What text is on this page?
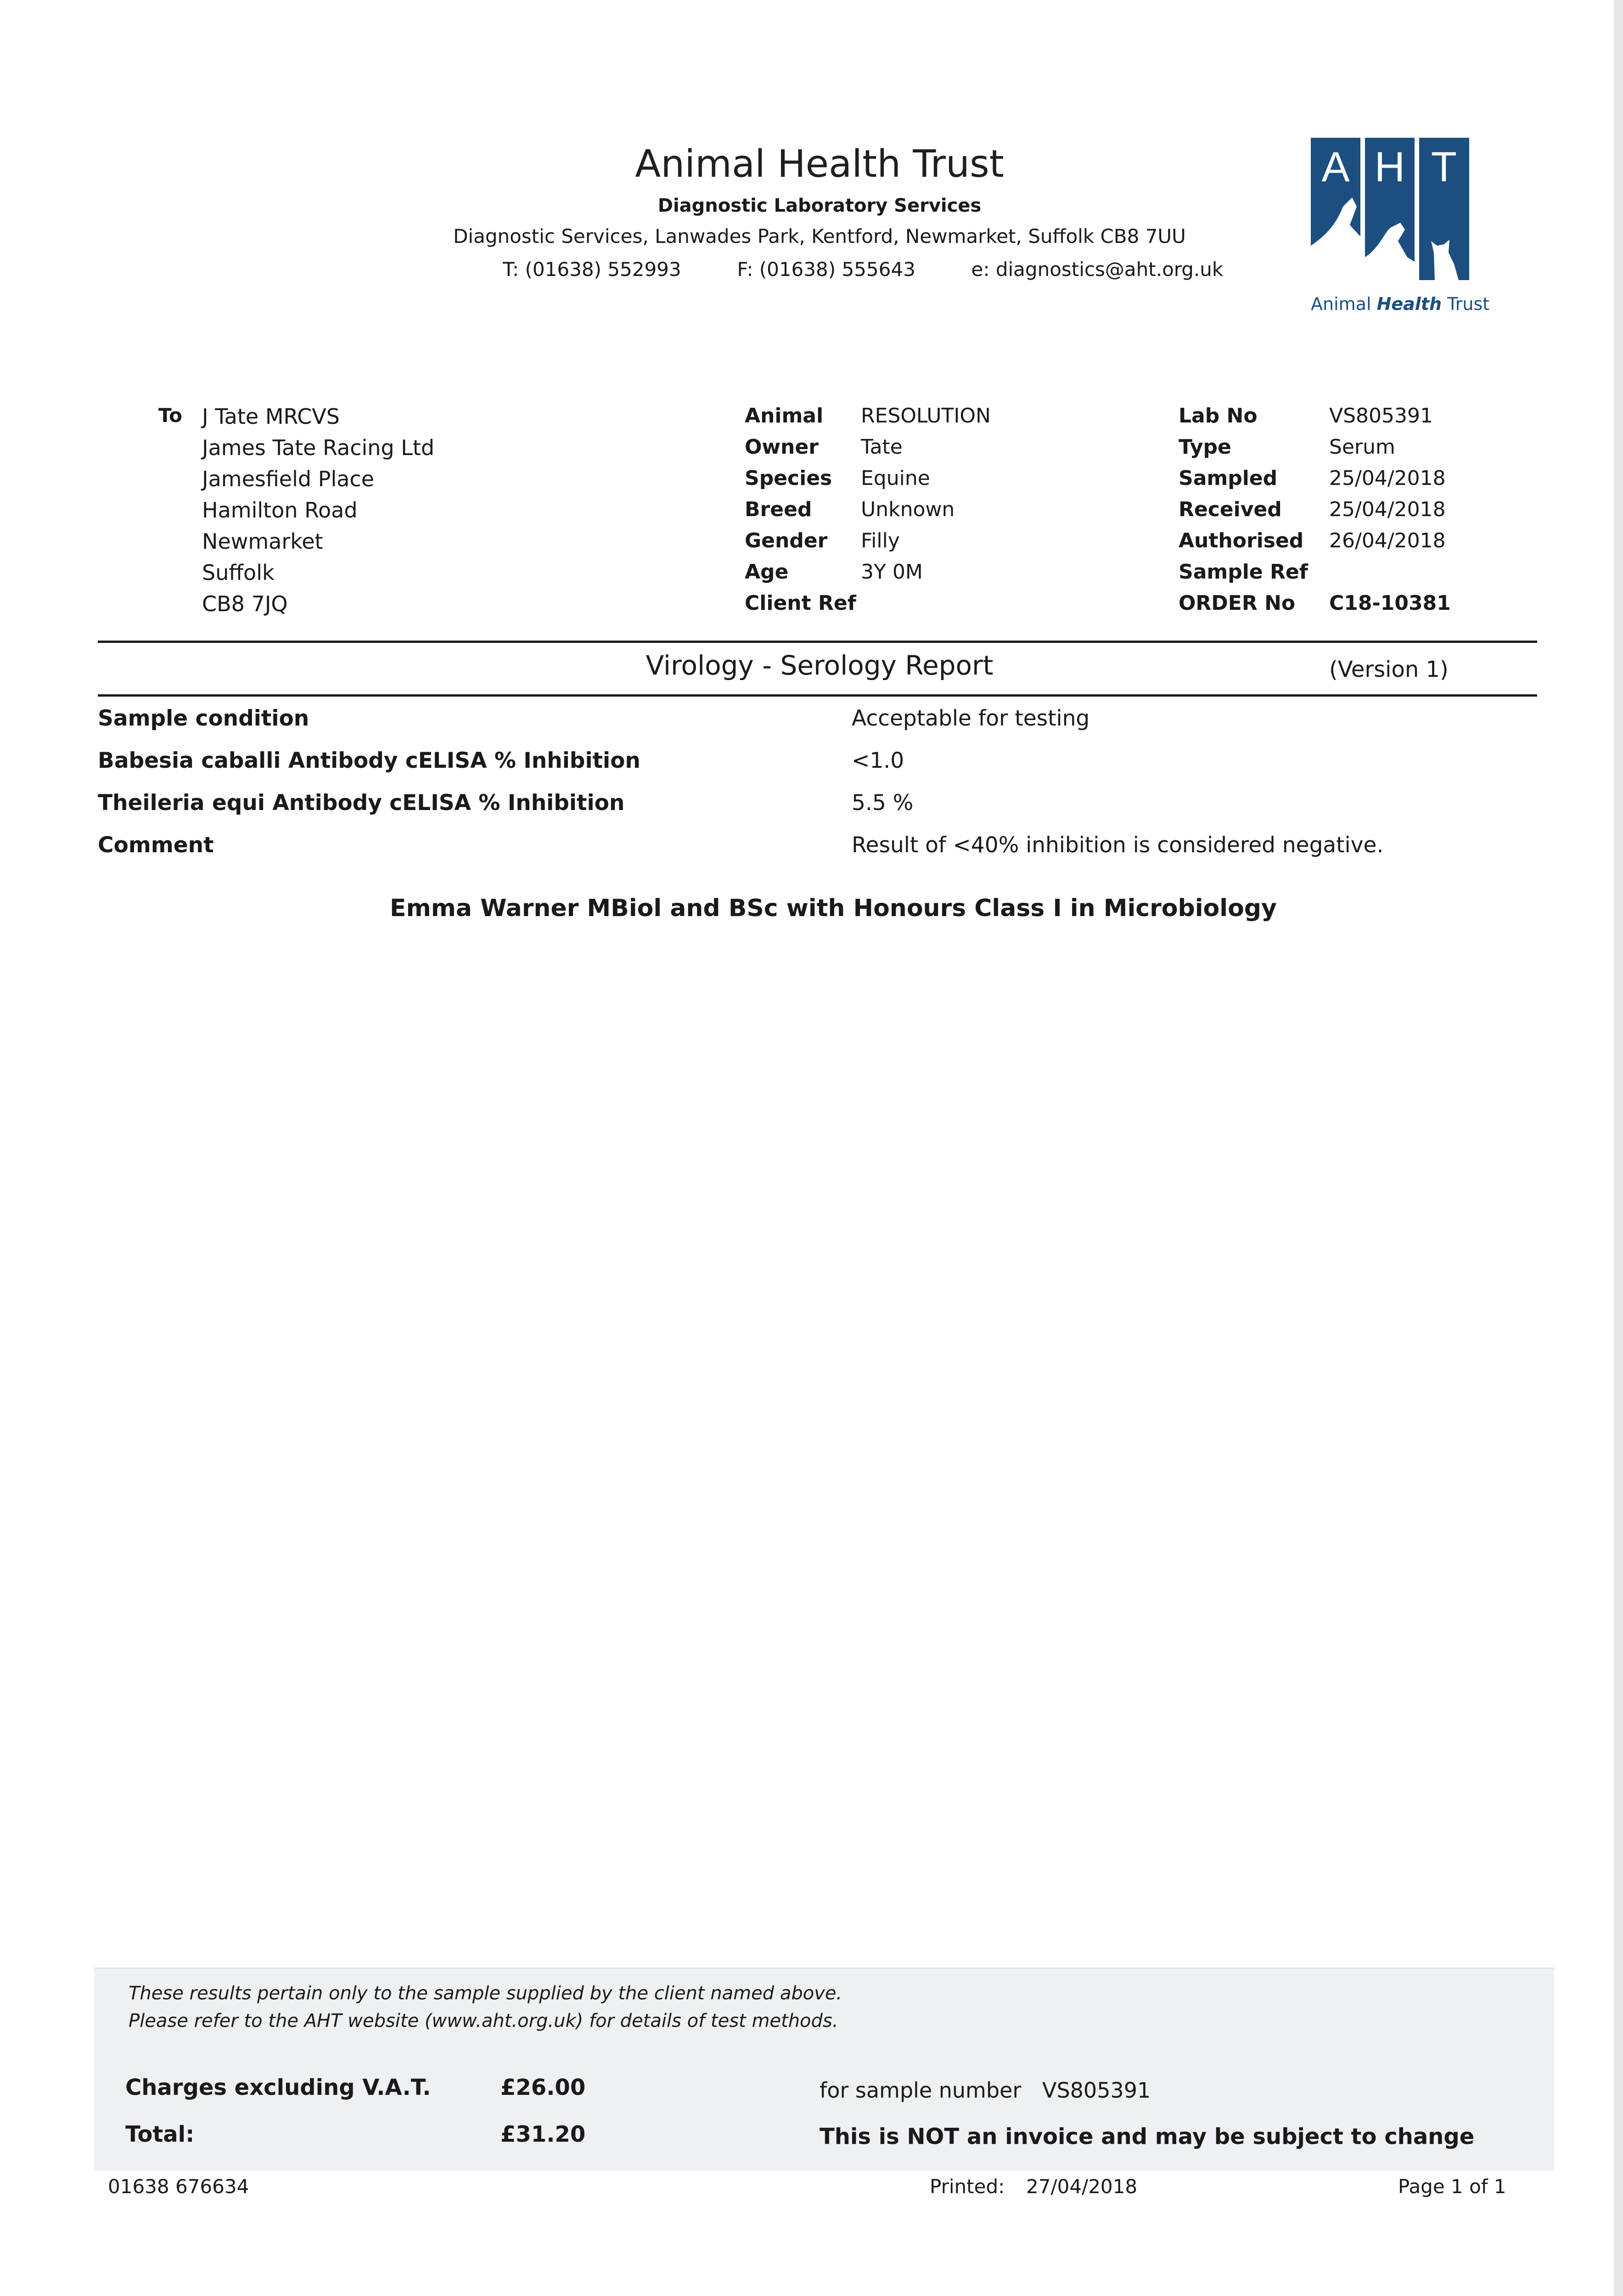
Animal Health Trust
Diagnostic Laboratory Services
Diagnostic Services, Lanwades Park, Kentford, Newmarket, Suffolk CB8 7UU
T: (01638) 552993	F: (01638) 555643	e: diagnostics@aht.org.uk
A H T
Animal Health Trust
To J Tate MRCVS
James Tate Racing Ltd
Jamesfield Place
Hamilton Road
Newmarket
Suffolk
CB8 7JQ
Animal RESOLUTION
Owner Tate
Species Equine
Breed Unknown
Gender Filly
Age	3Y 0M
Client Ref
Lab No	VS805391
Type	Serum
Sampled	25/04/2018
Received 25/04/2018
Authorised 26/04/2018
Sample Ref
ORDER No C18-10381
Virology - Serology Report	(Version 1)
Sample condition	Acceptable for testing
Babesia caballi Antibody cELISA % Inhibition	<1.0
Theileria equi Antibody cELISA % Inhibition	5.5 %
Comment	Result of <40% inhibition is considered negative.
Emma Warner MBiol and BSc with Honours Class I in Microbiology
These results pertain only to the sample supplied by the client named above.
Please refer to the AHT website (www.aht.org.uk) for details of test methods.
Charges excluding V.A.T.	£26.00
Total:	£31.20
for sample number VS805391
This is NOT an invoice and may be subject to change
01638 676634	Printed: 27/04/2018	Page 1 of 1
